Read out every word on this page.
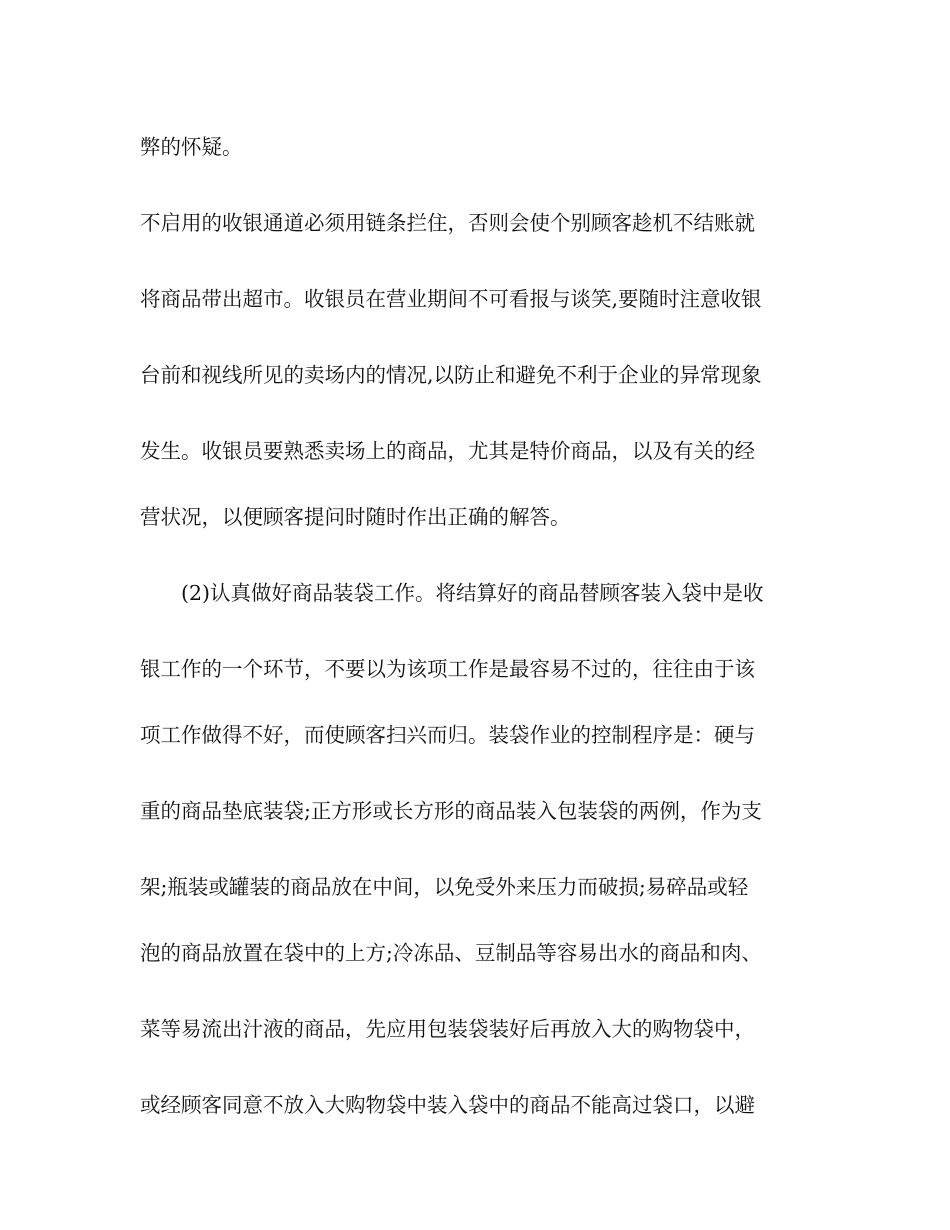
弊的怀疑。
不启用的收银通道必须用链条拦住，否则会使个别顾客趁机不结账就
将商品带出超市。收银员在营业期间不可看报与谈笑,要随时注意收银
台前和视线所见的卖场内的情况,以防止和避免不利于企业的异常现象
发生。收银员要熟悉卖场上的商品，尤其是特价商品，以及有关的经
营状况，以便顾客提问时随时作出正确的解答。
(2)认真做好商品装袋工作。将结算好的商品替顾客装入袋中是收
银工作的一个环节，不要以为该项工作是最容易不过的，往往由于该
项工作做得不好，而使顾客扫兴而归。装袋作业的控制程序是：硬与
重的商品垫底装袋;正方形或长方形的商品装入包装袋的两例，作为支
架;瓶装或罐装的商品放在中间，以免受外来压力而破损;易碎品或轻
泡的商品放置在袋中的上方;冷冻品、豆制品等容易出水的商品和肉、
菜等易流出汁液的商品，先应用包装袋装好后再放入大的购物袋中，
或经顾客同意不放入大购物袋中装入袋中的商品不能高过袋口，以避
